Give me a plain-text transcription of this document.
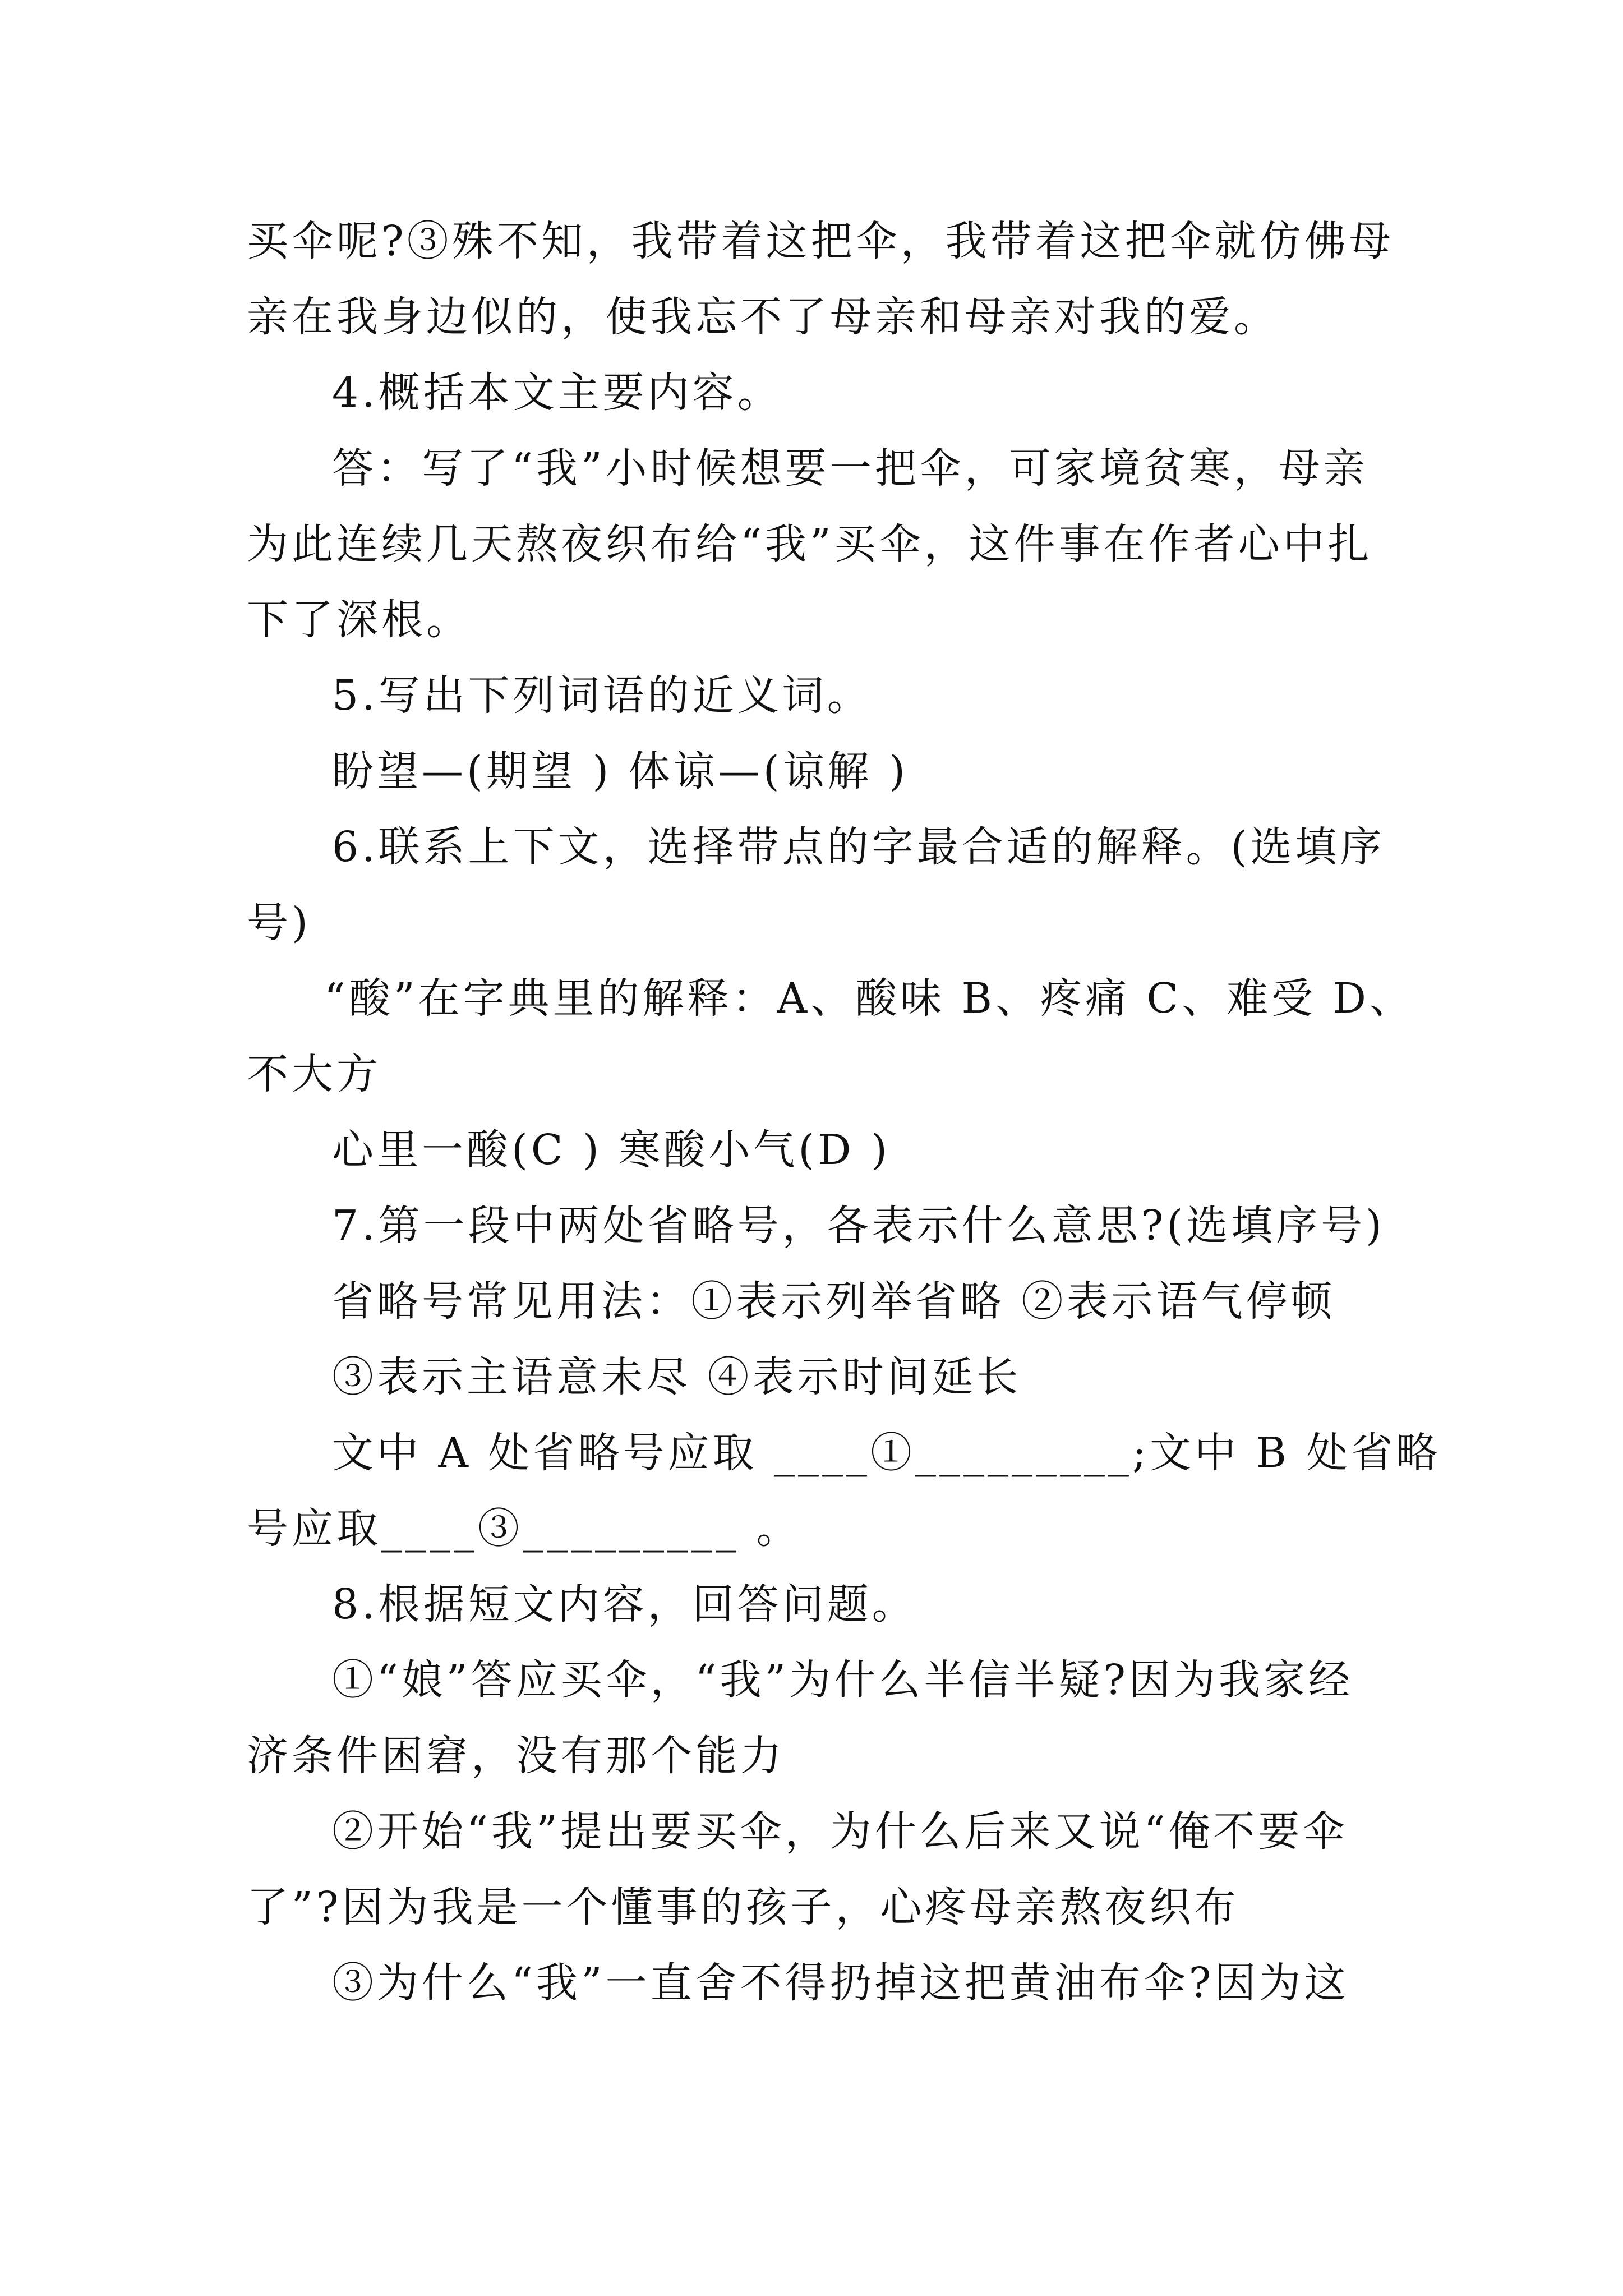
买伞呢?③殊不知，我带着这把伞，我带着这把伞就仿佛母
亲在我身边似的，使我忘不了母亲和母亲对我的爱。
4.概括本文主要内容。
答：写了“我”小时候想要一把伞，可家境贫寒，母亲
为此连续几天熬夜织布给“我”买伞，这件事在作者心中扎
下了深根。
5.写出下列词语的近义词。
盼望—(期望 ) 体谅—(谅解 )
6.联系上下文，选择带点的字最合适的解释。(选填序
号)
“酸”在字典里的解释：A、酸味 B、疼痛 C、难受 D、
不大方
心里一酸(C ) 寒酸小气(D )
7.第一段中两处省略号，各表示什么意思?(选填序号)
省略号常见用法：①表示列举省略 ②表示语气停顿
③表示主语意未尽 ④表示时间延长
文中 A 处省略号应取 ____①_________;文中 B 处省略
号应取____③_________ 。
8.根据短文内容，回答问题。
①“娘”答应买伞，“我”为什么半信半疑?因为我家经
济条件困窘，没有那个能力
②开始“我”提出要买伞，为什么后来又说“俺不要伞
了”?因为我是一个懂事的孩子，心疼母亲熬夜织布
③为什么“我”一直舍不得扔掉这把黄油布伞?因为这
